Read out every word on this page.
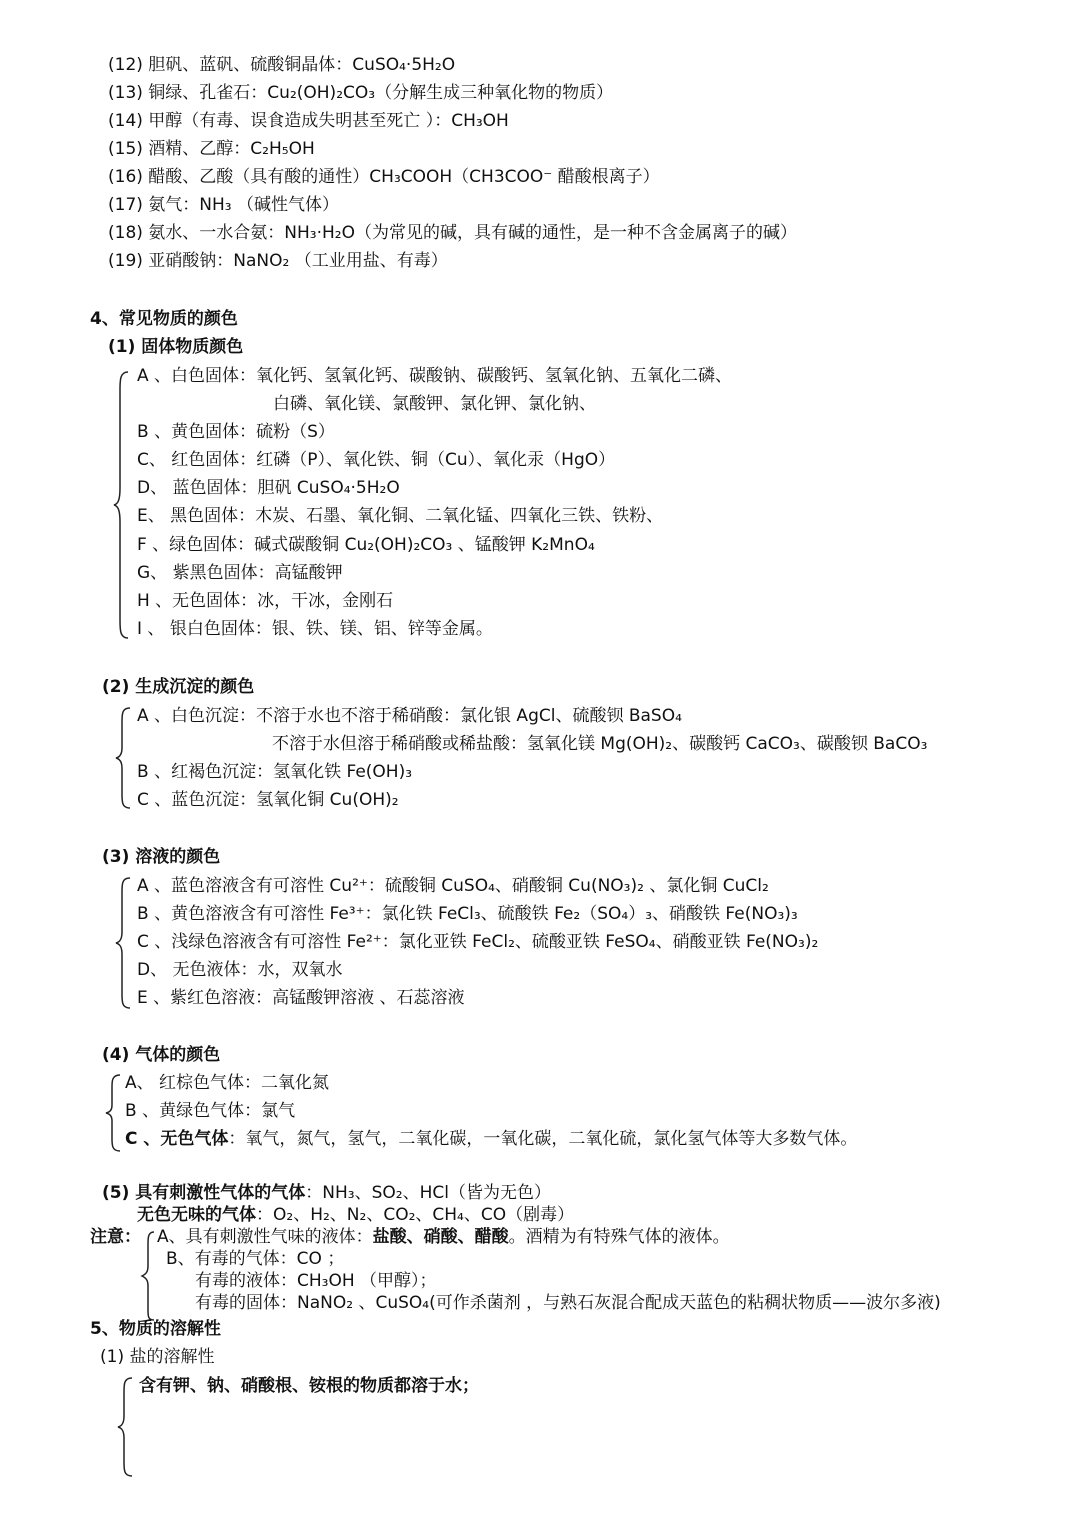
(12) 胆矾、蓝矾、硫酸铜晶体：CuSO₄·5H₂O
(13) 铜绿、孔雀石：Cu₂(OH)₂CO₃（分解生成三种氧化物的物质）
(14) 甲醇（有毒、误食造成失明甚至死亡 ）：CH₃OH
(15) 酒精、乙醇：C₂H₅OH
(16) 醋酸、乙酸（具有酸的通性）CH₃COOH（CH3COO⁻ 醋酸根离子）
(17) 氨气：NH₃ （碱性气体）
(18) 氨水、一水合氨：NH₃·H₂O（为常见的碱，具有碱的通性，是一种不含金属离子的碱）
(19) 亚硝酸钠：NaNO₂ （工业用盐、有毒）
4、常见物质的颜色
(1) 固体物质颜色
A 、白色固体：氧化钙、氢氧化钙、碳酸钠、碳酸钙、氢氧化钠、五氧化二磷、
白磷、氧化镁、氯酸钾、氯化钾、氯化钠、
B 、黄色固体：硫粉（S）
C、 红色固体：红磷（P）、氧化铁、铜（Cu）、氧化汞（HgO）
D、 蓝色固体：胆矾 CuSO₄·5H₂O
E、 黑色固体：木炭、石墨、氧化铜、二氧化锰、四氧化三铁、铁粉、
F 、绿色固体：碱式碳酸铜 Cu₂(OH)₂CO₃ 、锰酸钾 K₂MnO₄
G、 紫黑色固体：高锰酸钾
H 、无色固体：冰，干冰，金刚石
I 、 银白色固体：银、铁、镁、铝、锌等金属。
(2) 生成沉淀的颜色
A 、白色沉淀：不溶于水也不溶于稀硝酸：氯化银 AgCl、硫酸钡 BaSO₄
不溶于水但溶于稀硝酸或稀盐酸：氢氧化镁 Mg(OH)₂、碳酸钙 CaCO₃、碳酸钡 BaCO₃
B 、红褐色沉淀：氢氧化铁 Fe(OH)₃
C 、蓝色沉淀：氢氧化铜 Cu(OH)₂
(3) 溶液的颜色
A 、蓝色溶液含有可溶性 Cu²⁺：硫酸铜 CuSO₄、硝酸铜 Cu(NO₃)₂ 、氯化铜 CuCl₂
B 、黄色溶液含有可溶性 Fe³⁺：氯化铁 FeCl₃、硫酸铁 Fe₂（SO₄）₃、硝酸铁 Fe(NO₃)₃
C 、浅绿色溶液含有可溶性 Fe²⁺：氯化亚铁 FeCl₂、硫酸亚铁 FeSO₄、硝酸亚铁 Fe(NO₃)₂
D、 无色液体：水，双氧水
E 、紫红色溶液：高锰酸钾溶液 、石蕊溶液
(4) 气体的颜色
A、 红棕色气体：二氧化氮
B 、黄绿色气体：氯气
C 、无色气体：氧气，氮气，氢气，二氧化碳，一氧化碳，二氧化硫，氯化氢气体等大多数气体。
(5) 具有刺激性气体的气体：NH₃、SO₂、HCl（皆为无色）
无色无味的气体：O₂、H₂、N₂、CO₂、CH₄、CO（剧毒）
注意： A、具有刺激性气味的液体：盐酸、硝酸、醋酸。酒精为有特殊气体的液体。
B、有毒的气体：CO ；
有毒的液体：CH₃OH （甲醇）；
有毒的固体：NaNO₂ 、CuSO₄(可作杀菌剂 ，与熟石灰混合配成天蓝色的粘稠状物质——波尔多液)
5、物质的溶解性
(1) 盐的溶解性
含有钾、钠、硝酸根、铵根的物质都溶于水；
